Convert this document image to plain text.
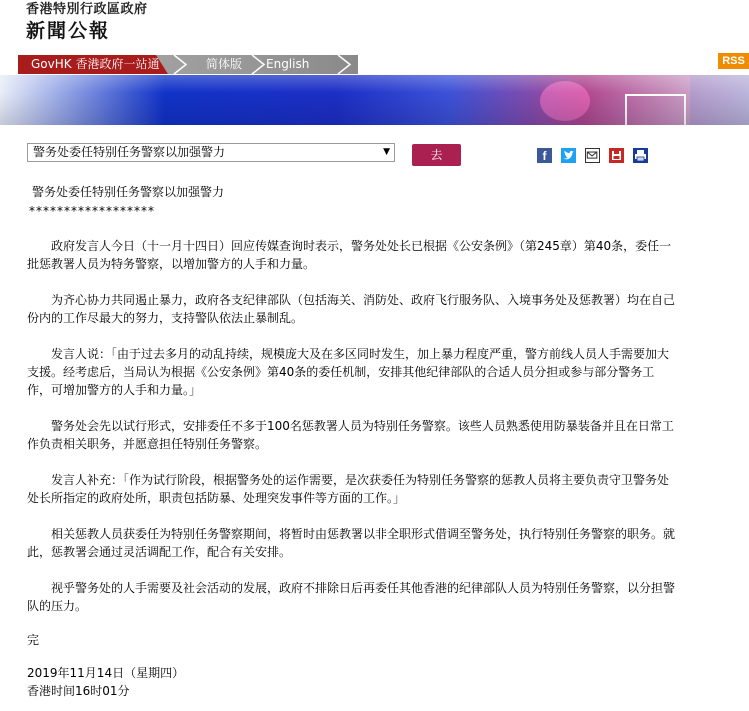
香港特別行政區政府
新聞公報
GovHK 香港政府一站通	简体版 English	RSS
警务处委任特别任务警察以加强警力	▼	去	f
警务处委任特别任务警察以加强警力
******************
政府发言人今日（十一月十四日）回应传媒查询时表示，警务处处长已根据《公安条例》（第245章）第40条，委任一批惩教署人员为特务警察，以增加警方的人手和力量。
为齐心协力共同遏止暴力，政府各支纪律部队（包括海关、消防处、政府飞行服务队、入境事务处及惩教署）均在自己份内的工作尽最大的努力，支持警队依法止暴制乱。
发言人说：「由于过去多月的动乱持续，规模庞大及在多区同时发生，加上暴力程度严重，警方前线人员人手需要加大支援。经考虑后，当局认为根据《公安条例》第40条的委任机制，安排其他纪律部队的合适人员分担或参与部分警务工作，可增加警方的人手和力量。」
警务处会先以试行形式，安排委任不多于100名惩教署人员为特别任务警察。该些人员熟悉使用防暴装备并且在日常工作负责相关职务，并愿意担任特别任务警察。
发言人补充：「作为试行阶段，根据警务处的运作需要，是次获委任为特别任务警察的惩教人员将主要负责守卫警务处处长所指定的政府处所，职责包括防暴、处理突发事件等方面的工作。」
相关惩教人员获委任为特别任务警察期间，将暂时由惩教署以非全职形式借调至警务处，执行特别任务警察的职务。就此，惩教署会通过灵活调配工作，配合有关安排。
视乎警务处的人手需要及社会活动的发展，政府不排除日后再委任其他香港的纪律部队人员为特别任务警察，以分担警队的压力。
完
2019年11月14日（星期四）
香港时间16时01分
